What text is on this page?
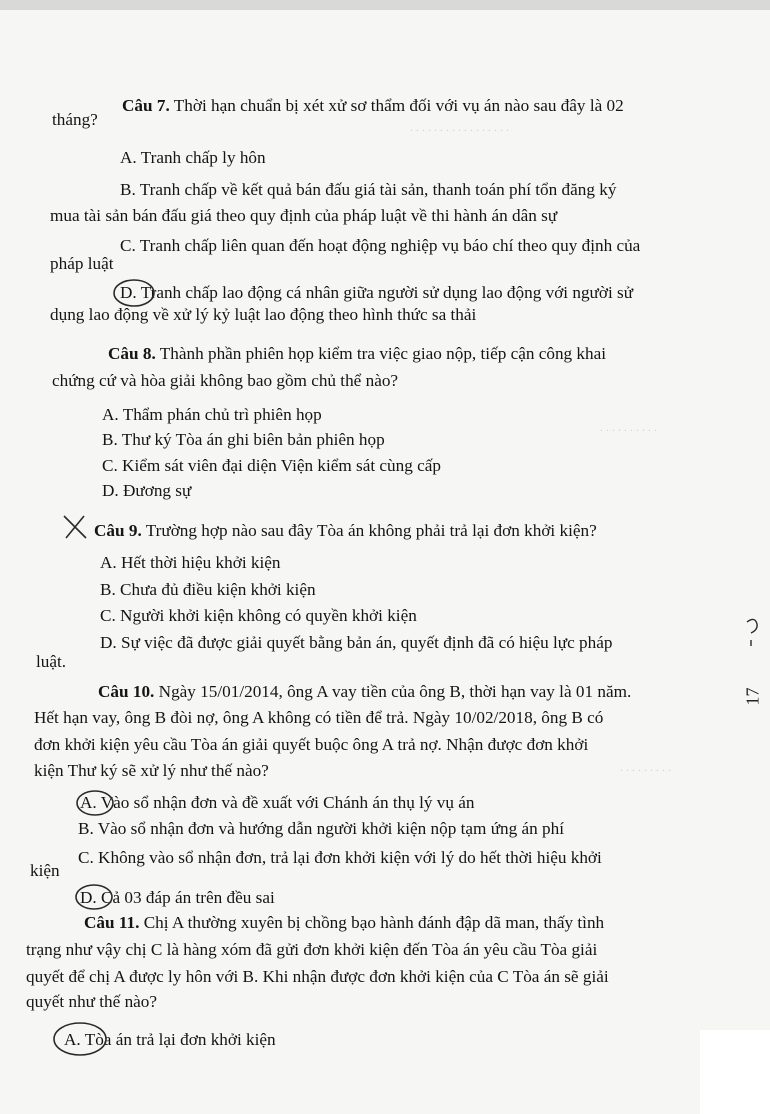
. . . . . . . . . . . . . . . . .
. . . . . . . . . .
. . . . . . . . .
Câu 7. Thời hạn chuẩn bị xét xử sơ thẩm đối với vụ án nào sau đây là 02
tháng?
A. Tranh chấp ly hôn
B. Tranh chấp về kết quả bán đấu giá tài sản, thanh toán phí tổn đăng ký
mua tài sản bán đấu giá theo quy định của pháp luật về thi hành án dân sự
C. Tranh chấp liên quan đến hoạt động nghiệp vụ báo chí theo quy định của
pháp luật
D. Tranh chấp lao động cá nhân giữa người sử dụng lao động với người sử
dụng lao động về xử lý kỷ luật lao động theo hình thức sa thải
Câu 8. Thành phần phiên họp kiểm tra việc giao nộp, tiếp cận công khai
chứng cứ và hòa giải không bao gồm chủ thể nào?
A. Thẩm phán chủ trì phiên họp
B. Thư ký Tòa án ghi biên bản phiên họp
C. Kiểm sát viên đại diện Viện kiểm sát cùng cấp
D. Đương sự
Câu 9. Trường hợp nào sau đây Tòa án không phải trả lại đơn khởi kiện?
A. Hết thời hiệu khởi kiện
B. Chưa đủ điều kiện khởi kiện
C. Người khởi kiện không có quyền khởi kiện
D. Sự việc đã được giải quyết bằng bản án, quyết định đã có hiệu lực pháp
luật.
Câu 10. Ngày 15/01/2014, ông A vay tiền của ông B, thời hạn vay là 01 năm.
Hết hạn vay, ông B đòi nợ, ông A không có tiền để trả. Ngày 10/02/2018, ông B có
đơn khởi kiện yêu cầu Tòa án giải quyết buộc ông A trả nợ. Nhận được đơn khởi
kiện Thư ký sẽ xử lý như thế nào?
A. Vào sổ nhận đơn và đề xuất với Chánh án thụ lý vụ án
B. Vào sổ nhận đơn và hướng dẫn người khởi kiện nộp tạm ứng án phí
C. Không vào sổ nhận đơn, trả lại đơn khởi kiện với lý do hết thời hiệu khởi
kiện
D. Cả 03 đáp án trên đều sai
Câu 11. Chị A thường xuyên bị chồng bạo hành đánh đập dã man, thấy tình
trạng như vậy chị C là hàng xóm đã gửi đơn khởi kiện đến Tòa án yêu cầu Tòa giải
quyết để chị A được ly hôn với B. Khi nhận được đơn khởi kiện của C Tòa án sẽ giải
quyết như thế nào?
A. Tòa án trả lại đơn khởi kiện
17
